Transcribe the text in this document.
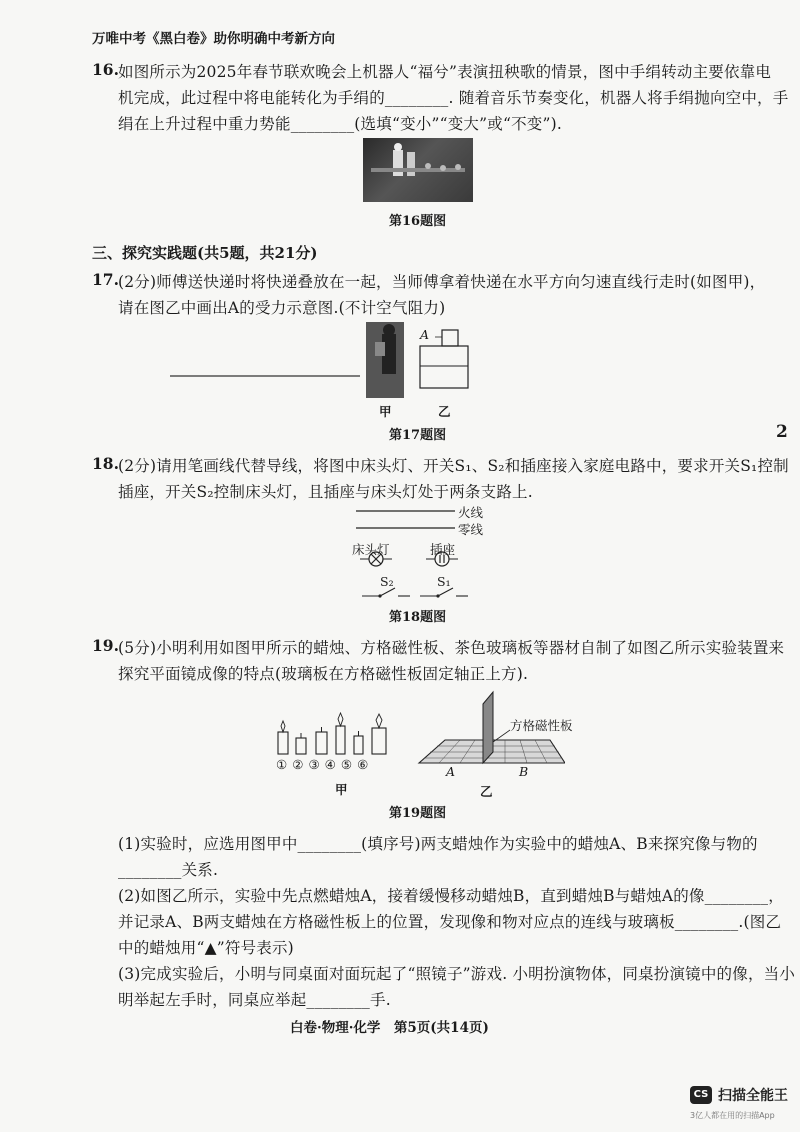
万唯中考《黑白卷》助你明确中考新方向
16. 如图所示为2025年春节联欢晚会上机器人“福兮”表演扭秧歌的情景，图中手绢转动主要依靠电
机完成，此过程中将电能转化为手绢的________. 随着音乐节奏变化，机器人将手绢抛向空中，手
绢在上升过程中重力势能________(选填“变小”“变大”或“不变”).
第16题图
三、探究实践题(共5题，共21分)
17. (2分)师傅送快递时将快递叠放在一起，当师傅拿着快递在水平方向匀速直线行走时(如图甲)，
请在图乙中画出A的受力示意图.(不计空气阻力)
A
甲	乙
第17题图	2
18. (2分)请用笔画线代替导线，将图中床头灯、开关S₁、S₂和插座接入家庭电路中，要求开关S₁控制
插座，开关S₂控制床头灯，且插座与床头灯处于两条支路上.
火线
零线
床头灯	插座
S₂	S₁
第18题图
19. (5分)小明利用如图甲所示的蜡烛、方格磁性板、茶色玻璃板等器材自制了如图乙所示实验装置来
探究平面镜成像的特点(玻璃板在方格磁性板固定轴正上方).
①②③④⑤⑥
方格磁性板
A	B
甲	乙
第19题图
(1)实验时，应选用图甲中________(填序号)两支蜡烛作为实验中的蜡烛A、B来探究像与物的
________关系.
(2)如图乙所示，实验中先点燃蜡烛A，接着缓慢移动蜡烛B，直到蜡烛B与蜡烛A的像________，
并记录A、B两支蜡烛在方格磁性板上的位置，发现像和物对应点的连线与玻璃板________.(图乙
中的蜡烛用“▲”符号表示)
(3)完成实验后，小明与同桌面对面玩起了“照镜子”游戏. 小明扮演物体，同桌扮演镜中的像，当小
明举起左手时，同桌应举起________手.
白卷·物理·化学　第5页(共14页)
CS 扫描全能王
3亿人都在用的扫描App
